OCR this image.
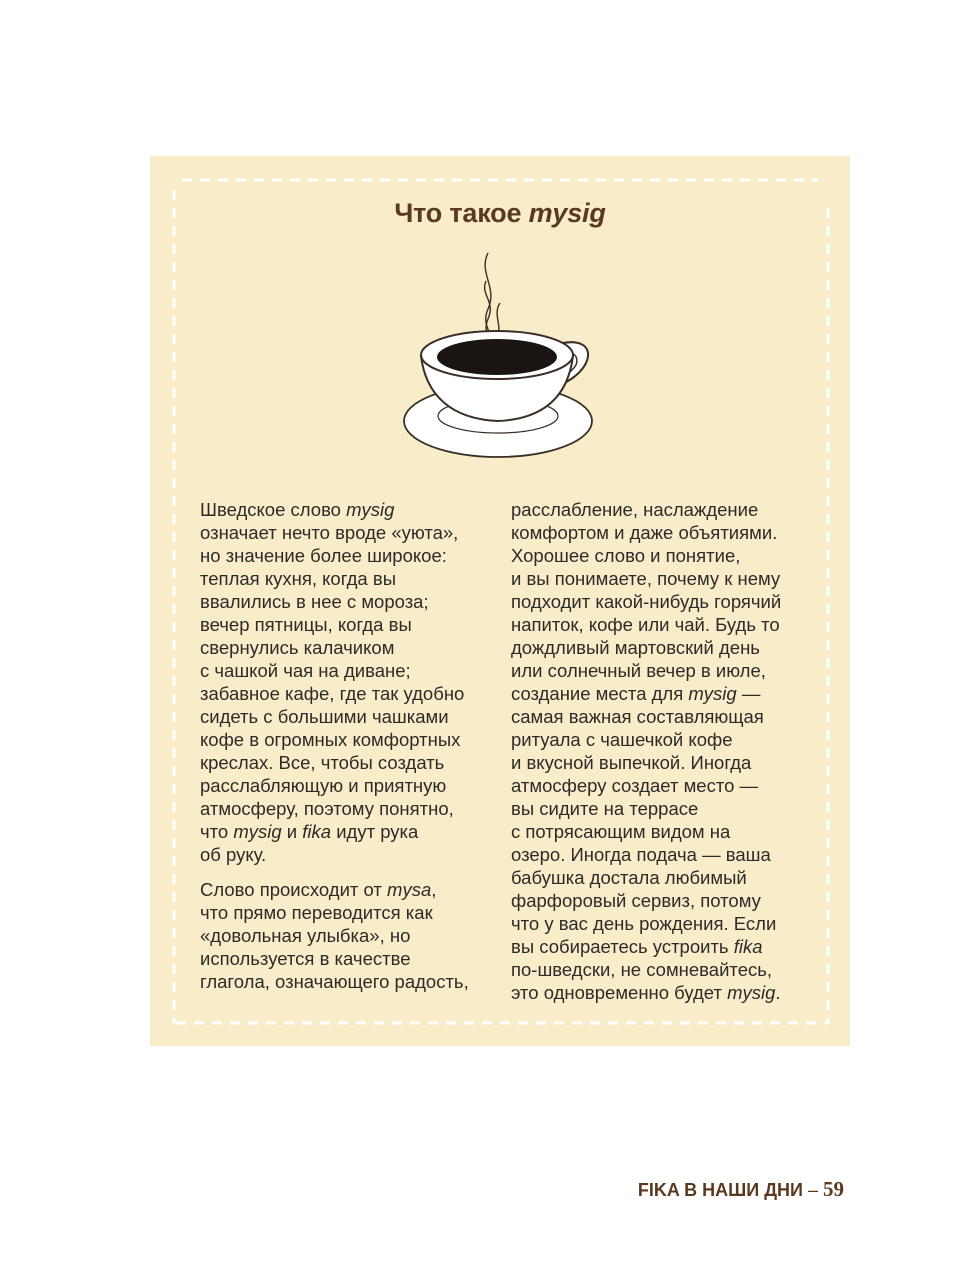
Что такое mysig

Шведское слово mysig
означает нечто вроде «уюта»,
но значение более широкое:
теплая кухня, когда вы
ввалились в нее с мороза;
вечер пятницы, когда вы
свернулись калачиком
с чашкой чая на диване;
забавное кафе, где так удобно
сидеть с большими чашками
кофе в огромных комфортных
креслах. Все, чтобы создать
расслабляющую и приятную
атмосферу, поэтому понятно,
что mysig и fika идут рука
об руку.

Слово происходит от mysa,
что прямо переводится как
«довольная улыбка», но
используется в качестве
глагола, означающего радость,

расслабление, наслаждение
комфортом и даже объятиями.
Хорошее слово и понятие,
и вы понимаете, почему к нему
подходит какой-нибудь горячий
напиток, кофе или чай. Будь то
дождливый мартовский день
или солнечный вечер в июле,
создание места для mysig —
самая важная составляющая
ритуала с чашечкой кофе
и вкусной выпечкой. Иногда
атмосферу создает место —
вы сидите на террасе
с потрясающим видом на
озеро. Иногда подача — ваша
бабушка достала любимый
фарфоровый сервиз, потому
что у вас день рождения. Если
вы собираетесь устроить fika
по-шведски, не сомневайтесь,
это одновременно будет mysig.

FIKA В НАШИ ДНИ – 59
